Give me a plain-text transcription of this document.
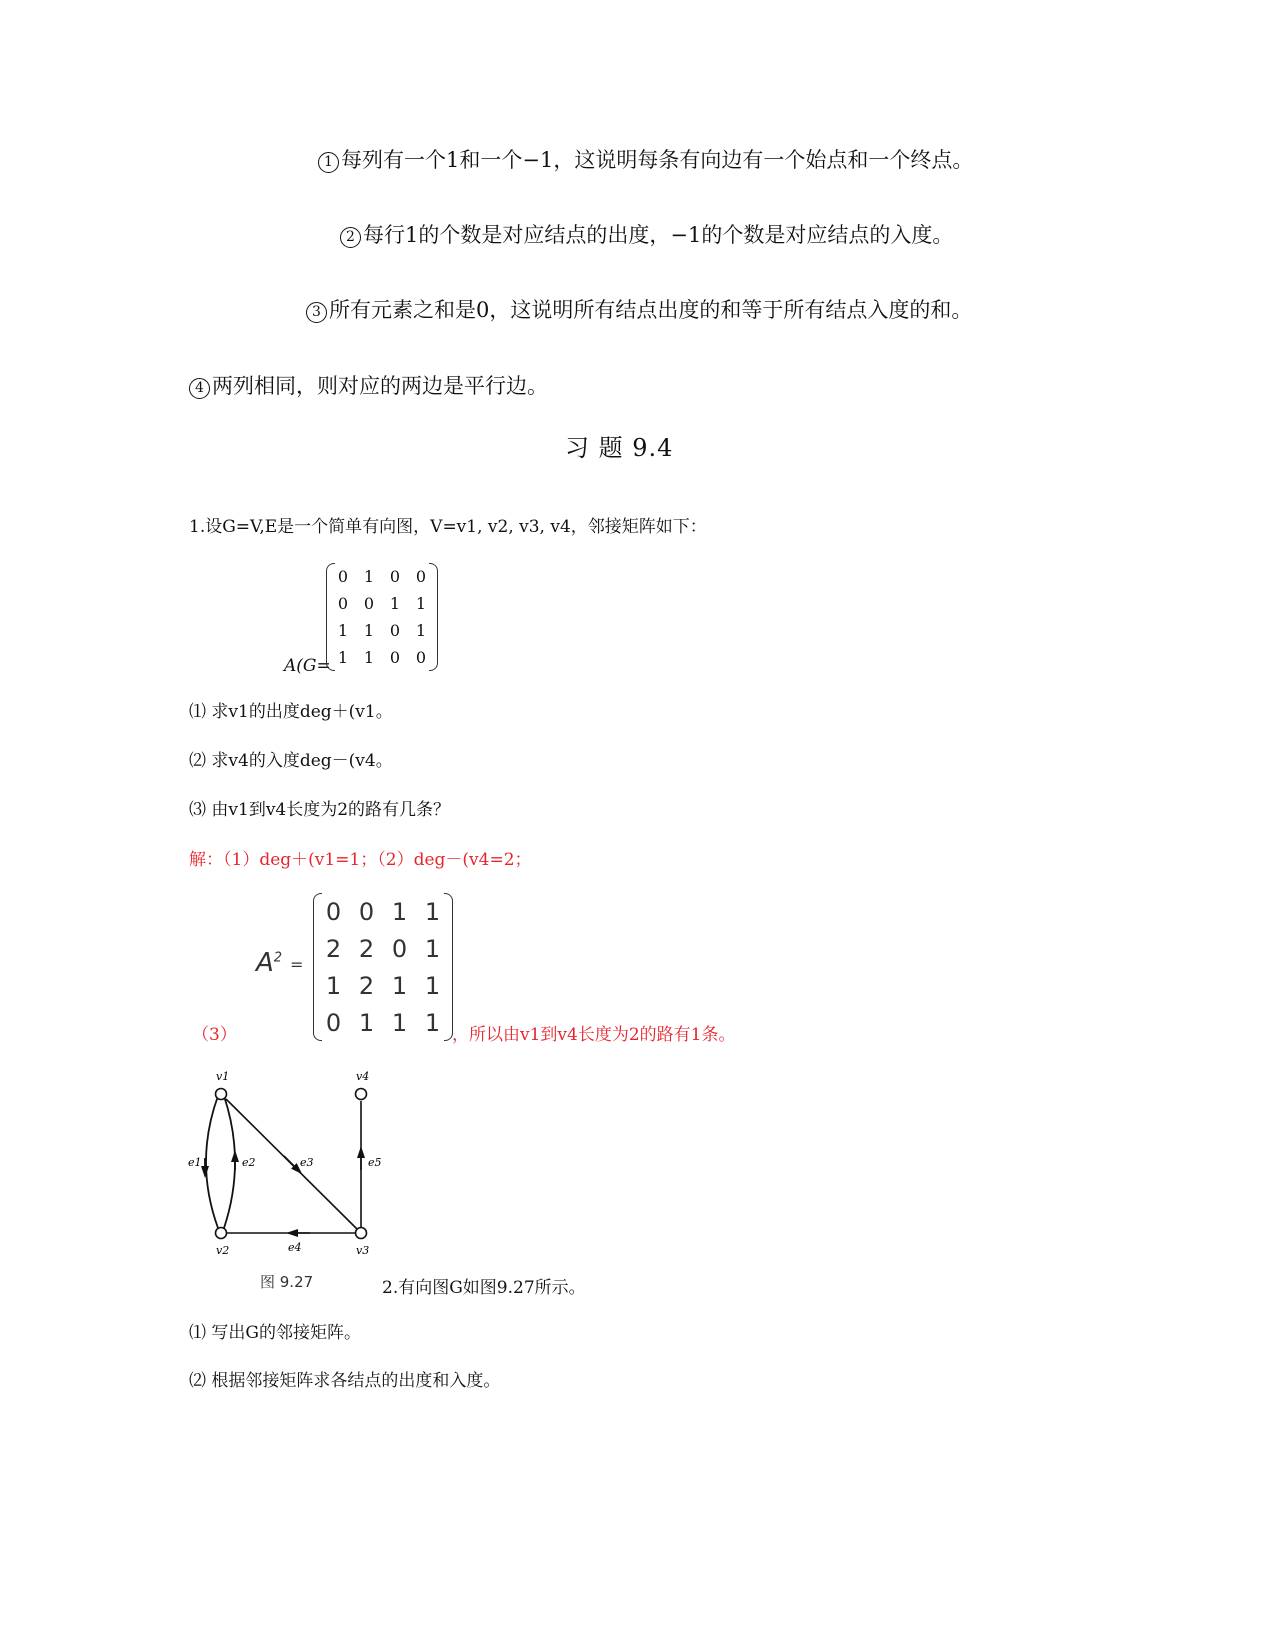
1 每列有一个1和一个−1，这说明每条有向边有一个始点和一个终点。
2 每行1的个数是对应结点的出度，−1的个数是对应结点的入度。
3 所有元素之和是0，这说明所有结点出度的和等于所有结点入度的和。
4 两列相同，则对应的两边是平行边。
习 题 9.4
1.设G=V,E是一个简单有向图，V=v1, v2, v3, v4，邻接矩阵如下：
A(G=
0	1	0	0
0	0	1	1
1	1	0	1
1	1	0	0
⑴ 求v1的出度deg＋(v1。
⑵ 求v4的入度deg－(v4。
⑶ 由v1到v4长度为2的路有几条？
解：（1）deg＋(v1=1；（2）deg－(v4=2；
（3）
$A^2$ =
0	0	1	1
2	2	0	1
1	2	1	1
0	1	1	1 ，所以由v1到v4长度为2的路有1条。
v1
v2	v3
v4
e1	e2	e3
e4
e5
图 9.27	2.有向图G如图9.27所示。
⑴ 写出G的邻接矩阵。
⑵ 根据邻接矩阵求各结点的出度和入度。
